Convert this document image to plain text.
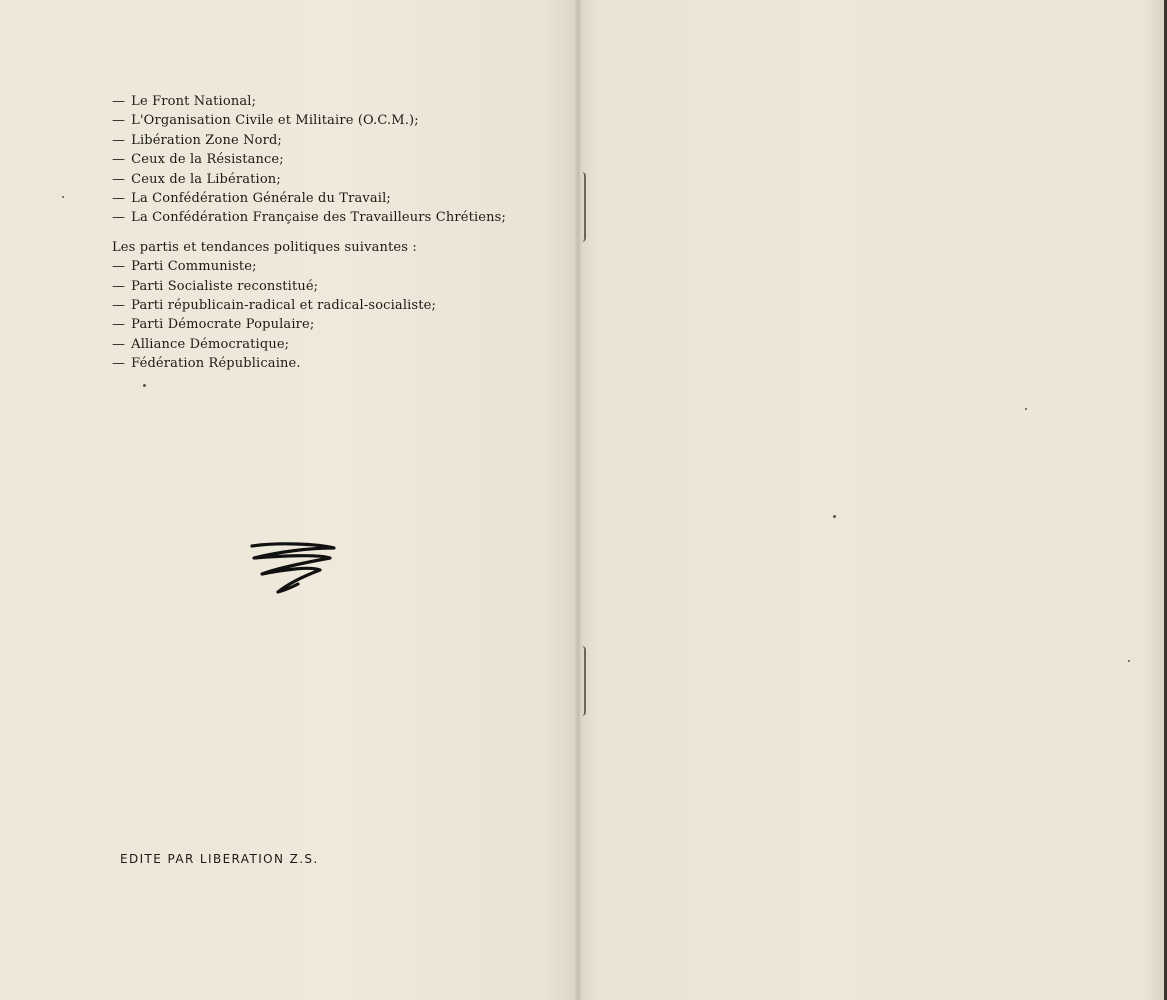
— Le Front National;
— L'Organisation Civile et Militaire (O.C.M.);
— Libération Zone Nord;
— Ceux de la Résistance;
— Ceux de la Libération;
— La Confédération Générale du Travail;
— La Confédération Française des Travailleurs Chrétiens;
Les partis et tendances politiques suivantes :
— Parti Communiste;
— Parti Socialiste reconstitué;
— Parti républicain-radical et radical-socialiste;
— Parti Démocrate Populaire;
— Alliance Démocratique;
— Fédération Républicaine.
EDITE PAR LIBERATION Z.S.
